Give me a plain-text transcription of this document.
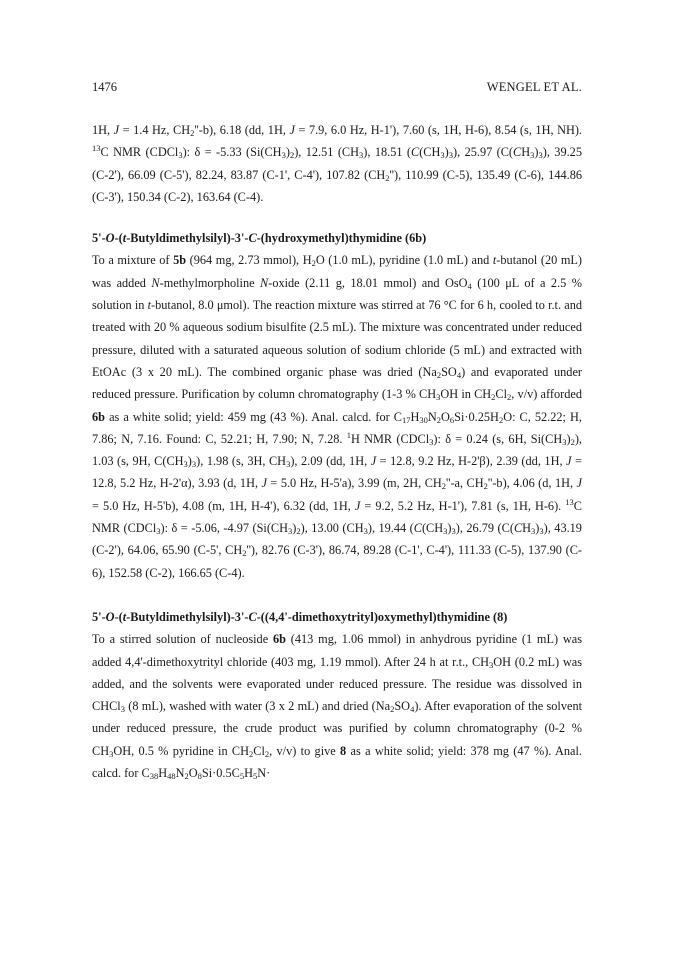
1476	WENGEL ET AL.

1H, J = 1.4 Hz, $CH_2''-b$), 6.18 (dd, 1H, J = 7.9, 6.0 Hz, H-1'), 7.60 (s, 1H, H-6), 8.54 (s, 1H, NH). $^{13}$C NMR (CDCl$_3$): δ = -5.33 $(Si(CH_3)_2)$, 12.51 $(CH_3)$, 18.51 $(C(CH_3)_3)$, 25.97 $(C(CH_3)_3)$, 39.25 (C-2'), 66.09 (C-5'), 82.24, 83.87 (C-1', C-4'), 107.82 $(CH_2'')$, 110.99 (C-5), 135.49 (C-6), 144.86 (C-3'), 150.34 (C-2), 163.64 (C-4).

5'-O-(t-Butyldimethylsilyl)-3'-C-(hydroxymethyl)thymidine (6b)

To a mixture of 5b (964 mg, 2.73 mmol), $H_2O$ (1.0 mL), pyridine (1.0 mL) and t-butanol (20 mL) was added N-methylmorpholine N-oxide (2.11 g, 18.01 mmol) and OsO$_4$ (100 μL of a 2.5 % solution in t-butanol, 8.0 μmol). The reaction mixture was stirred at 76 °C for 6 h, cooled to r.t. and treated with 20 % aqueous sodium bisulfite (2.5 mL). The mixture was concentrated under reduced pressure, diluted with a saturated aqueous solution of sodium chloride (5 mL) and extracted with EtOAc (3 x 20 mL). The combined organic phase was dried $(Na_2SO_4)$ and evaporated under reduced pressure. Purification by column chromatography (1-3 % $CH_3OH$ in $CH_2Cl_2$, v/v) afforded 6b as a white solid; yield: 459 mg (43 %). Anal. calcd. for $C_{17}H_{30}N_2O_6Si\cdot 0.25H_2O$: C, 52.22; H, 7.86; N, 7.16. Found: C, 52.21; H, 7.90; N, 7.28. $^1$H NMR (CDCl$_3$): δ = 0.24 (s, 6H, $Si(CH_3)_2$), 1.03 (s, 9H, $C(CH_3)_3$), 1.98 (s, 3H, $CH_3$), 2.09 (dd, 1H, J = 12.8, 9.2 Hz, H-2'β), 2.39 (dd, 1H, J = 12.8, 5.2 Hz, H-2'α), 3.93 (d, 1H, J = 5.0 Hz, H-5'a), 3.99 (m, 2H, $CH_2''-a$, $CH_2''-b$), 4.06 (d, 1H, J = 5.0 Hz, H-5'b), 4.08 (m, 1H, H-4'), 6.32 (dd, 1H, J = 9.2, 5.2 Hz, H-1'), 7.81 (s, 1H, H-6). $^{13}$C NMR (CDCl$_3$): δ = -5.06, -4.97 $(Si(CH_3)_2)$, 13.00 $(CH_3)$, 19.44 $(C(CH_3)_3)$, 26.79 $(C(CH_3)_3)$, 43.19 (C-2'), 64.06, 65.90 (C-5', $CH_2''$), 82.76 (C-3'), 86.74, 89.28 (C-1', C-4'), 111.33 (C-5), 137.90 (C-6), 152.58 (C-2), 166.65 (C-4).

5'-O-(t-Butyldimethylsilyl)-3'-C-((4,4'-dimethoxytrityl)oxymethyl)thymidine (8)

To a stirred solution of nucleoside 6b (413 mg, 1.06 mmol) in anhydrous pyridine (1 mL) was added 4,4'-dimethoxytrityl chloride (403 mg, 1.19 mmol). After 24 h at r.t., $CH_3OH$ (0.2 mL) was added, and the solvents were evaporated under reduced pressure. The residue was dissolved in CHCl$_3$ (8 mL), washed with water (3 x 2 mL) and dried $(Na_2SO_4)$. After evaporation of the solvent under reduced pressure, the crude product was purified by column chromatography (0-2 % $CH_3OH$, 0.5 % pyridine in $CH_2Cl_2$, v/v) to give 8 as a white solid; yield: 378 mg (47 %). Anal. calcd. for $C_{38}H_{48}N_2O_8Si\cdot 0.5C_5H_5N\cdot$
